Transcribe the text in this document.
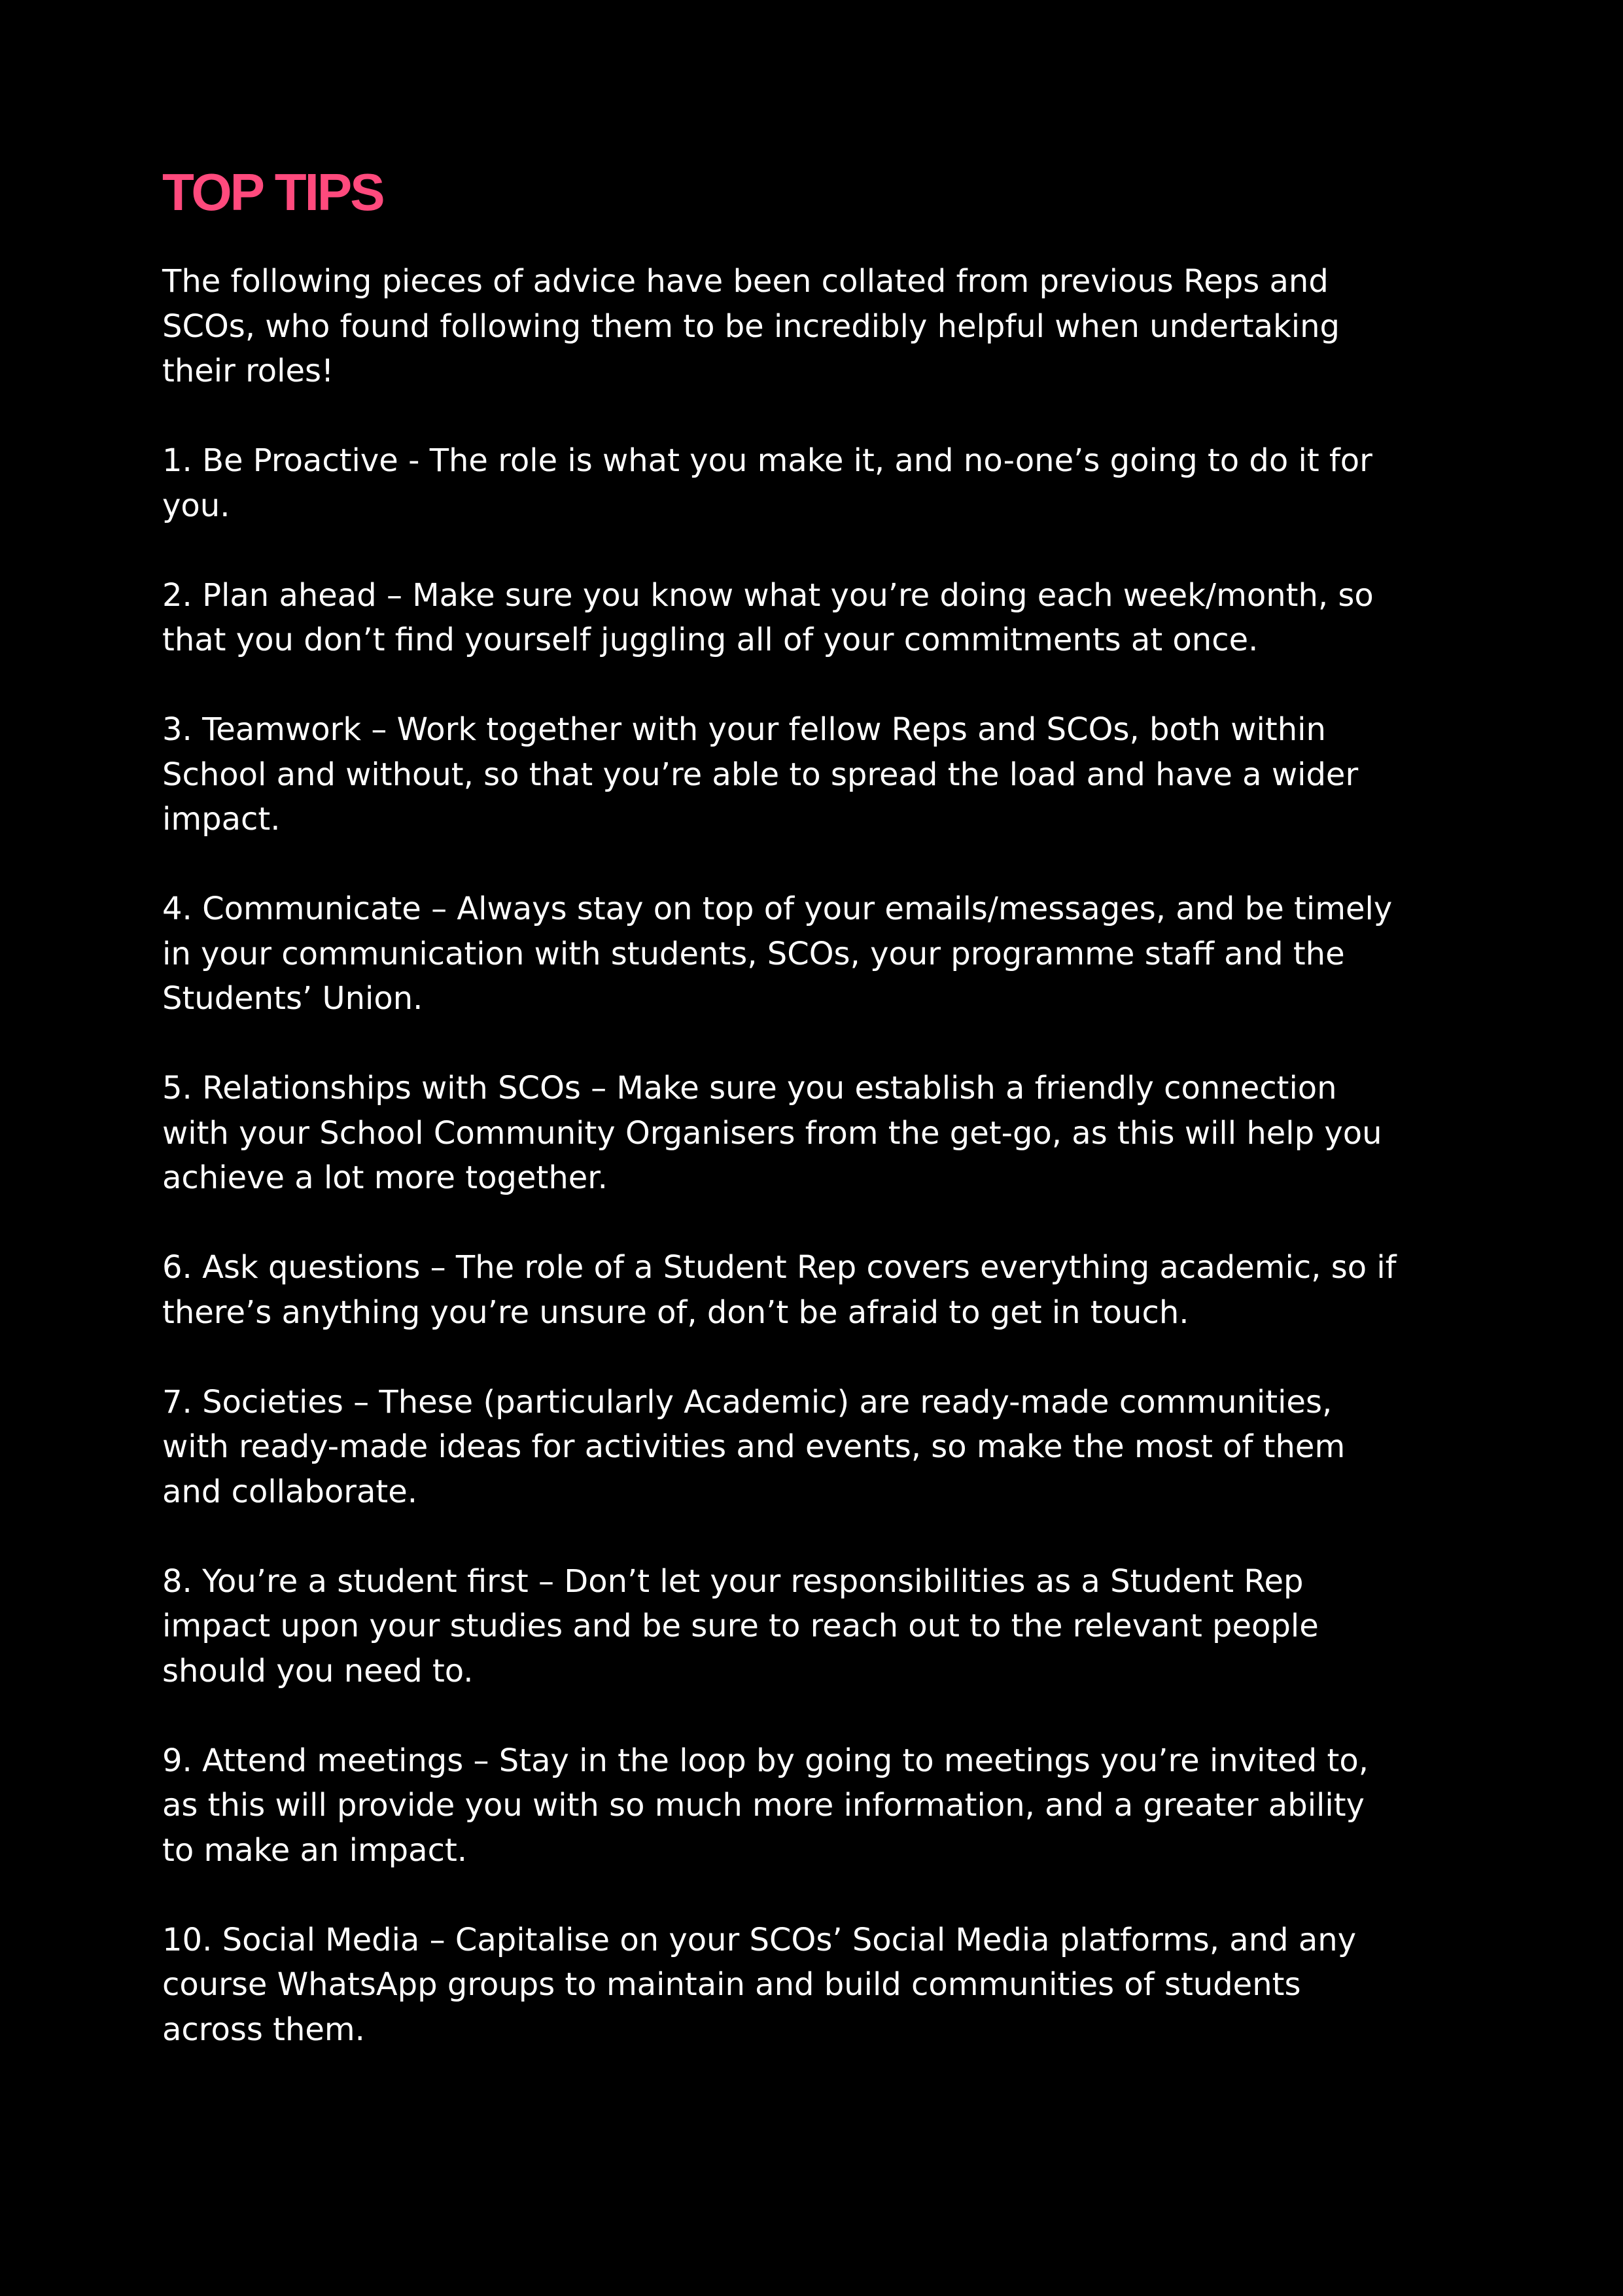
TOP TIPS

The following pieces of advice have been collated from previous Reps and SCOs, who found following them to be incredibly helpful when undertaking their roles!

1. Be Proactive - The role is what you make it, and no-one’s going to do it for you.
2. Plan ahead – Make sure you know what you’re doing each week/month, so that you don’t find yourself juggling all of your commitments at once.
3. Teamwork – Work together with your fellow Reps and SCOs, both within School and without, so that you’re able to spread the load and have a wider impact.
4. Communicate – Always stay on top of your emails/messages, and be timely in your communication with students, SCOs, your programme staff and the Students’ Union.
5. Relationships with SCOs – Make sure you establish a friendly connection with your School Community Organisers from the get-go, as this will help you achieve a lot more together.
6. Ask questions – The role of a Student Rep covers everything academic, so if there’s anything you’re unsure of, don’t be afraid to get in touch.
7. Societies – These (particularly Academic) are ready-made communities, with ready-made ideas for activities and events, so make the most of them and collaborate.
8. You’re a student first – Don’t let your responsibilities as a Student Rep impact upon your studies and be sure to reach out to the relevant people should you need to.
9. Attend meetings – Stay in the loop by going to meetings you’re invited to, as this will provide you with so much more information, and a greater ability to make an impact.
10. Social Media – Capitalise on your SCOs’ Social Media platforms, and any course WhatsApp groups to maintain and build communities of students across them.
